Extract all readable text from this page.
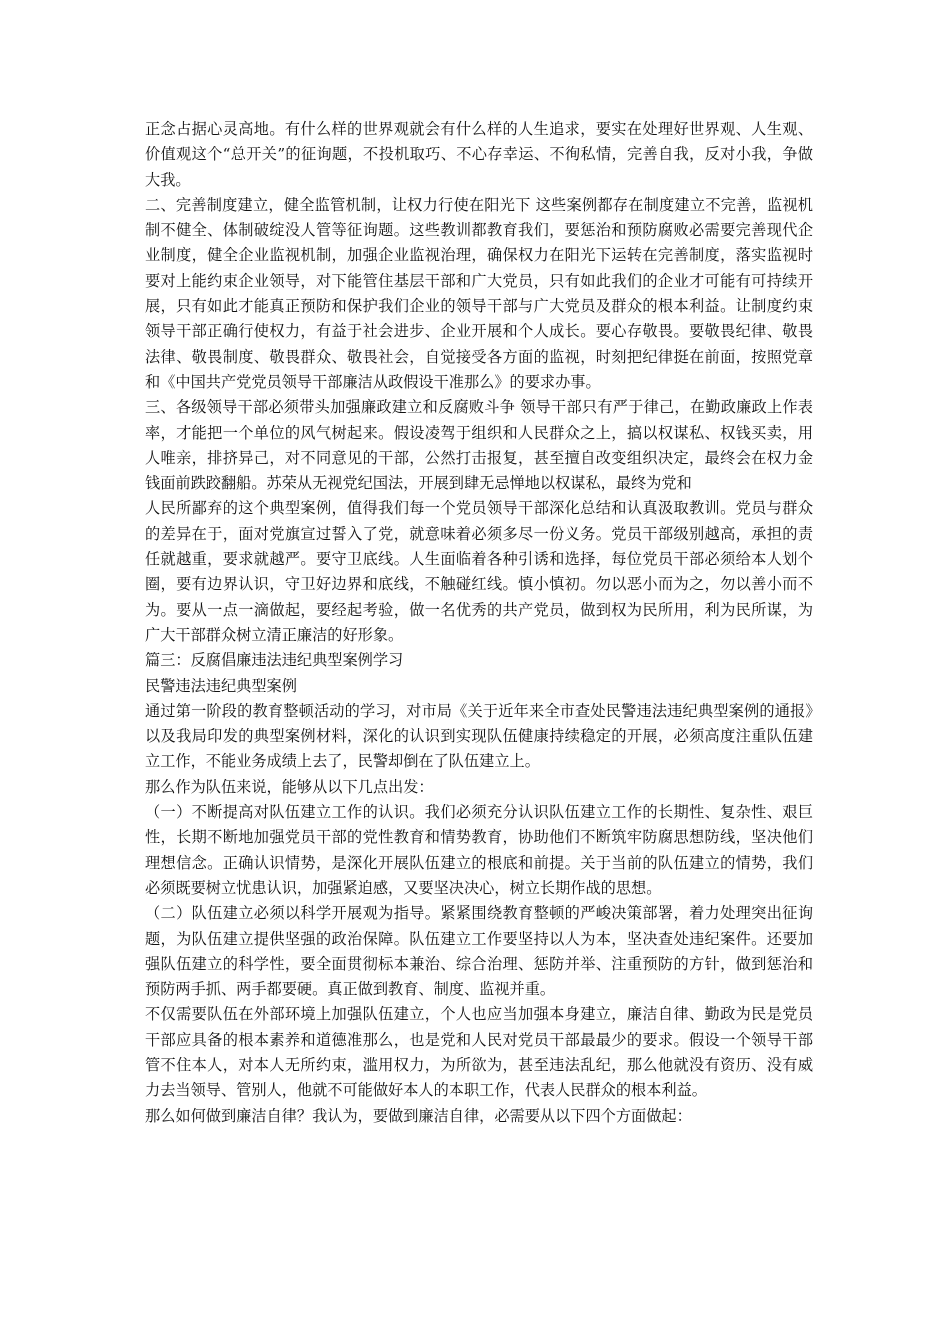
正念占据心灵高地。有什么样的世界观就会有什么样的人生追求，要实在处理好世界观、人生观、价值观这个“总开关”的征询题，不投机取巧、不心存幸运、不徇私情，完善自我，反对小我，争做大我。

二、完善制度建立，健全监管机制，让权力行使在阳光下 这些案例都存在制度建立不完善，监视机制不健全、体制破绽没人管等征询题。这些教训都教育我们，要惩治和预防腐败必需要完善现代企业制度，健全企业监视机制，加强企业监视治理，确保权力在阳光下运转在完善制度，落实监视时要对上能约束企业领导，对下能管住基层干部和广大党员，只有如此我们的企业才可能有可持续开展，只有如此才能真正预防和保护我们企业的领导干部与广大党员及群众的根本利益。让制度约束领导干部正确行使权力，有益于社会进步、企业开展和个人成长。要心存敬畏。要敬畏纪律、敬畏法律、敬畏制度、敬畏群众、敬畏社会，自觉接受各方面的监视，时刻把纪律挺在前面，按照党章和《中国共产党党员领导干部廉洁从政假设干准那么》的要求办事。

三、各级领导干部必须带头加强廉政建立和反腐败斗争 领导干部只有严于律己，在勤政廉政上作表率，才能把一个单位的风气树起来。假设凌驾于组织和人民群众之上，搞以权谋私、权钱买卖，用人唯亲，排挤异己，对不同意见的干部，公然打击报复，甚至擅自改变组织决定，最终会在权力金钱面前跌跤翻船。苏荣从无视党纪国法，开展到肆无忌惮地以权谋私，最终为党和

人民所鄙弃的这个典型案例，值得我们每一个党员领导干部深化总结和认真汲取教训。党员与群众的差异在于，面对党旗宣过誓入了党，就意味着必须多尽一份义务。党员干部级别越高，承担的责任就越重，要求就越严。要守卫底线。人生面临着各种引诱和选择，每位党员干部必须给本人划个圈，要有边界认识，守卫好边界和底线，不触碰红线。慎小慎初。勿以恶小而为之，勿以善小而不为。要从一点一滴做起，要经起考验，做一名优秀的共产党员，做到权为民所用，利为民所谋，为广大干部群众树立清正廉洁的好形象。

篇三：反腐倡廉违法违纪典型案例学习

民警违法违纪典型案例

通过第一阶段的教育整顿活动的学习，对市局《关于近年来全市查处民警违法违纪典型案例的通报》以及我局印发的典型案例材料，深化的认识到实现队伍健康持续稳定的开展，必须高度注重队伍建立工作，不能业务成绩上去了，民警却倒在了队伍建立上。

那么作为队伍来说，能够从以下几点出发：

（一）不断提高对队伍建立工作的认识。我们必须充分认识队伍建立工作的长期性、复杂性、艰巨性，长期不断地加强党员干部的党性教育和情势教育，协助他们不断筑牢防腐思想防线，坚决他们理想信念。正确认识情势，是深化开展队伍建立的根底和前提。关于当前的队伍建立的情势，我们必须既要树立忧患认识，加强紧迫感，又要坚决决心，树立长期作战的思想。

（二）队伍建立必须以科学开展观为指导。紧紧围绕教育整顿的严峻决策部署，着力处理突出征询题，为队伍建立提供坚强的政治保障。队伍建立工作要坚持以人为本，坚决查处违纪案件。还要加强队伍建立的科学性，要全面贯彻标本兼治、综合治理、惩防并举、注重预防的方针，做到惩治和预防两手抓、两手都要硬。真正做到教育、制度、监视并重。

不仅需要队伍在外部环境上加强队伍建立，个人也应当加强本身建立，廉洁自律、勤政为民是党员干部应具备的根本素养和道德准那么，也是党和人民对党员干部最最少的要求。假设一个领导干部管不住本人，对本人无所约束，滥用权力，为所欲为，甚至违法乱纪，那么他就没有资历、没有威力去当领导、管别人，他就不可能做好本人的本职工作，代表人民群众的根本利益。

那么如何做到廉洁自律？我认为，要做到廉洁自律，必需要从以下四个方面做起：
